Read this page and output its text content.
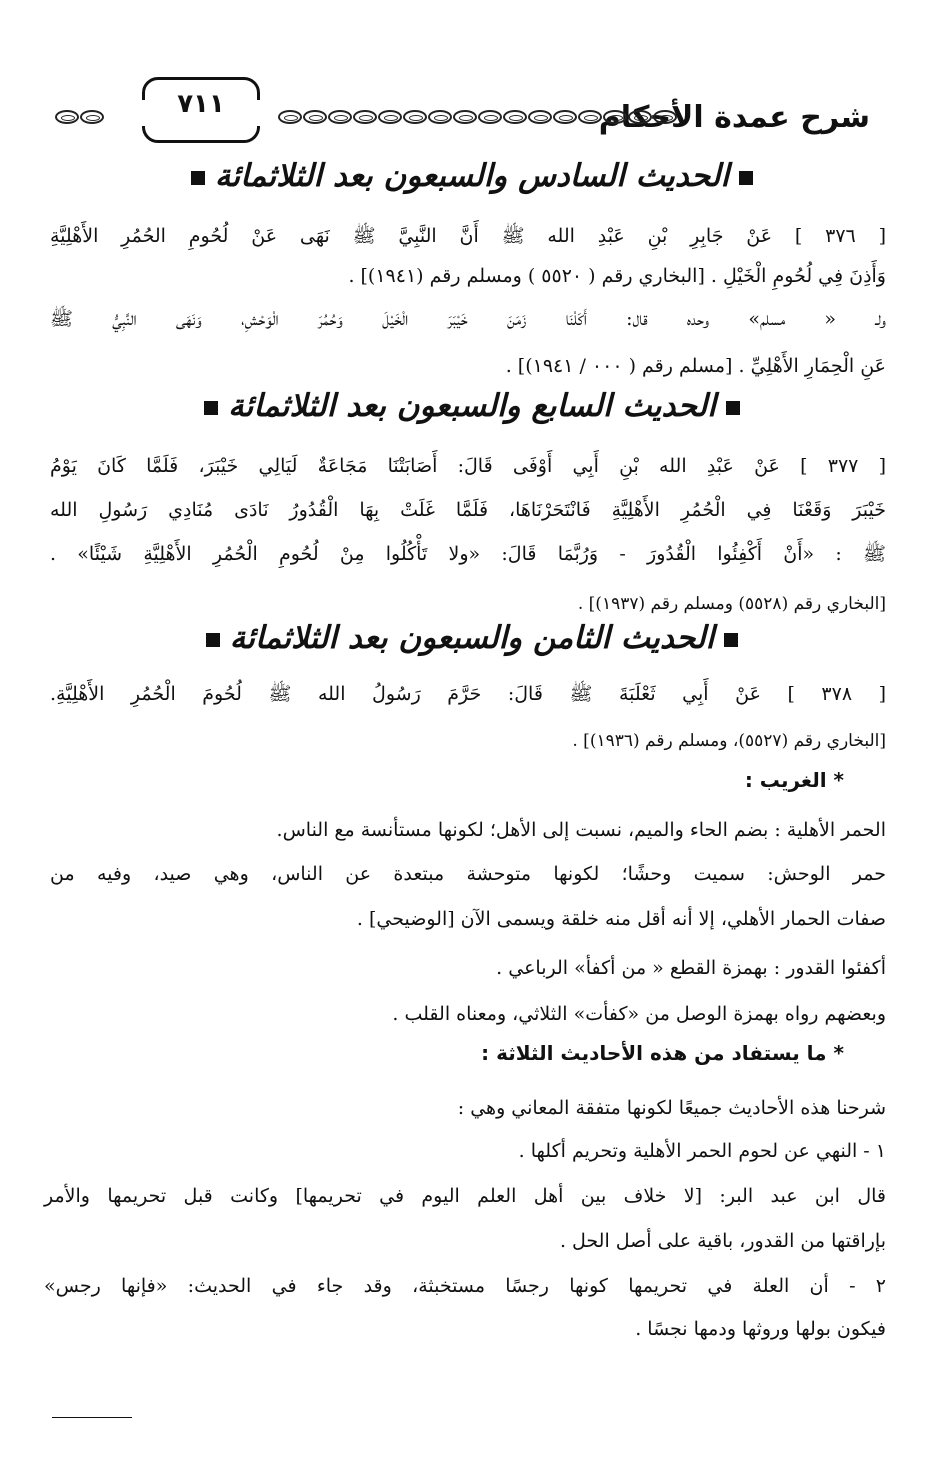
شرح عمدة الأحكام
٧١١
الحديث السادس والسبعون بعد الثلاثمائة
[ ٣٧٦ ] عَنْ جَابِرِ بْنِ عَبْدِ الله ﷺ أَنَّ النَّبِيَّ ﷺ نَهَى عَنْ لُحُومِ الحُمُرِ الأَهْلِيَّةِ
وَأَذِنَ فِي لُحُومِ الْخَيْلِ . [البخاري رقم ( ٥٥٢٠ ) ومسلم رقم (١٩٤١)] .
ولـ « مسلم» وحده قال: أَكَلْنَا زَمَنَ خَيْبَرَ الْخَيْلَ وَحُمُرَ الْوَحْشِ، وَنَهَى النَّبِيُّ ﷺ
عَنِ الْحِمَارِ الأَهْلِيِّ . [مسلم رقم ( ٠٠٠ / ١٩٤١)] .
الحديث السابع والسبعون بعد الثلاثمائة
[ ٣٧٧ ] عَنْ عَبْدِ الله بْنِ أَبِي أَوْفَى قَالَ: أَصَابَتْنَا مَجَاعَةٌ لَيَالِي خَيْبَرَ، فَلَمَّا كَانَ يَوْمُ
خَيْبَرَ وَقَعْنَا فِي الْحُمُرِ الأَهْلِيَّةِ فَانْتَحَرْنَاهَا، فَلَمَّا غَلَتْ بِهَا الْقُدُورُ نَادَى مُنَادِي رَسُولِ الله
ﷺ : «أَنْ أَكْفِئُوا الْقُدُورَ - وَرُبَّمَا قَالَ: «ولا تَأْكُلُوا مِنْ لُحُومِ الْحُمُرِ الأَهْلِيَّةِ شَيْئًا» .
[البخاري رقم (٥٥٢٨) ومسلم رقم (١٩٣٧)] .
الحديث الثامن والسبعون بعد الثلاثمائة
[ ٣٧٨ ] عَنْ أَبِي ثَعْلَبَةَ ﷺ قَالَ: حَرَّمَ رَسُولُ الله ﷺ لُحُومَ الْحُمُرِ الأَهْلِيَّةِ.
[البخاري رقم (٥٥٢٧)، ومسلم رقم (١٩٣٦)] .
* الغريب :
الحمر الأهلية : بضم الحاء والميم، نسبت إلى الأهل؛ لكونها مستأنسة مع الناس.
حمر الوحش: سميت وحشًا؛ لكونها متوحشة مبتعدة عن الناس، وهي صيد، وفيه من
صفات الحمار الأهلي، إلا أنه أقل منه خلقة ويسمى الآن [الوضيحي] .
أكفئوا القدور : بهمزة القطع « من أكفأ» الرباعي .
وبعضهم رواه بهمزة الوصل من «كفأت» الثلاثي، ومعناه القلب .
* ما يستفاد من هذه الأحاديث الثلاثة :
شرحنا هذه الأحاديث جميعًا لكونها متفقة المعاني وهي :
١ - النهي عن لحوم الحمر الأهلية وتحريم أكلها .
قال ابن عبد البر: [لا خلاف بين أهل العلم اليوم في تحريمها] وكانت قبل تحريمها والأمر
بإراقتها من القدور، باقية على أصل الحل .
٢ - أن العلة في تحريمها كونها رجسًا مستخبثة، وقد جاء في الحديث: «فإنها رجس»
فيكون بولها وروثها ودمها نجسًا .
